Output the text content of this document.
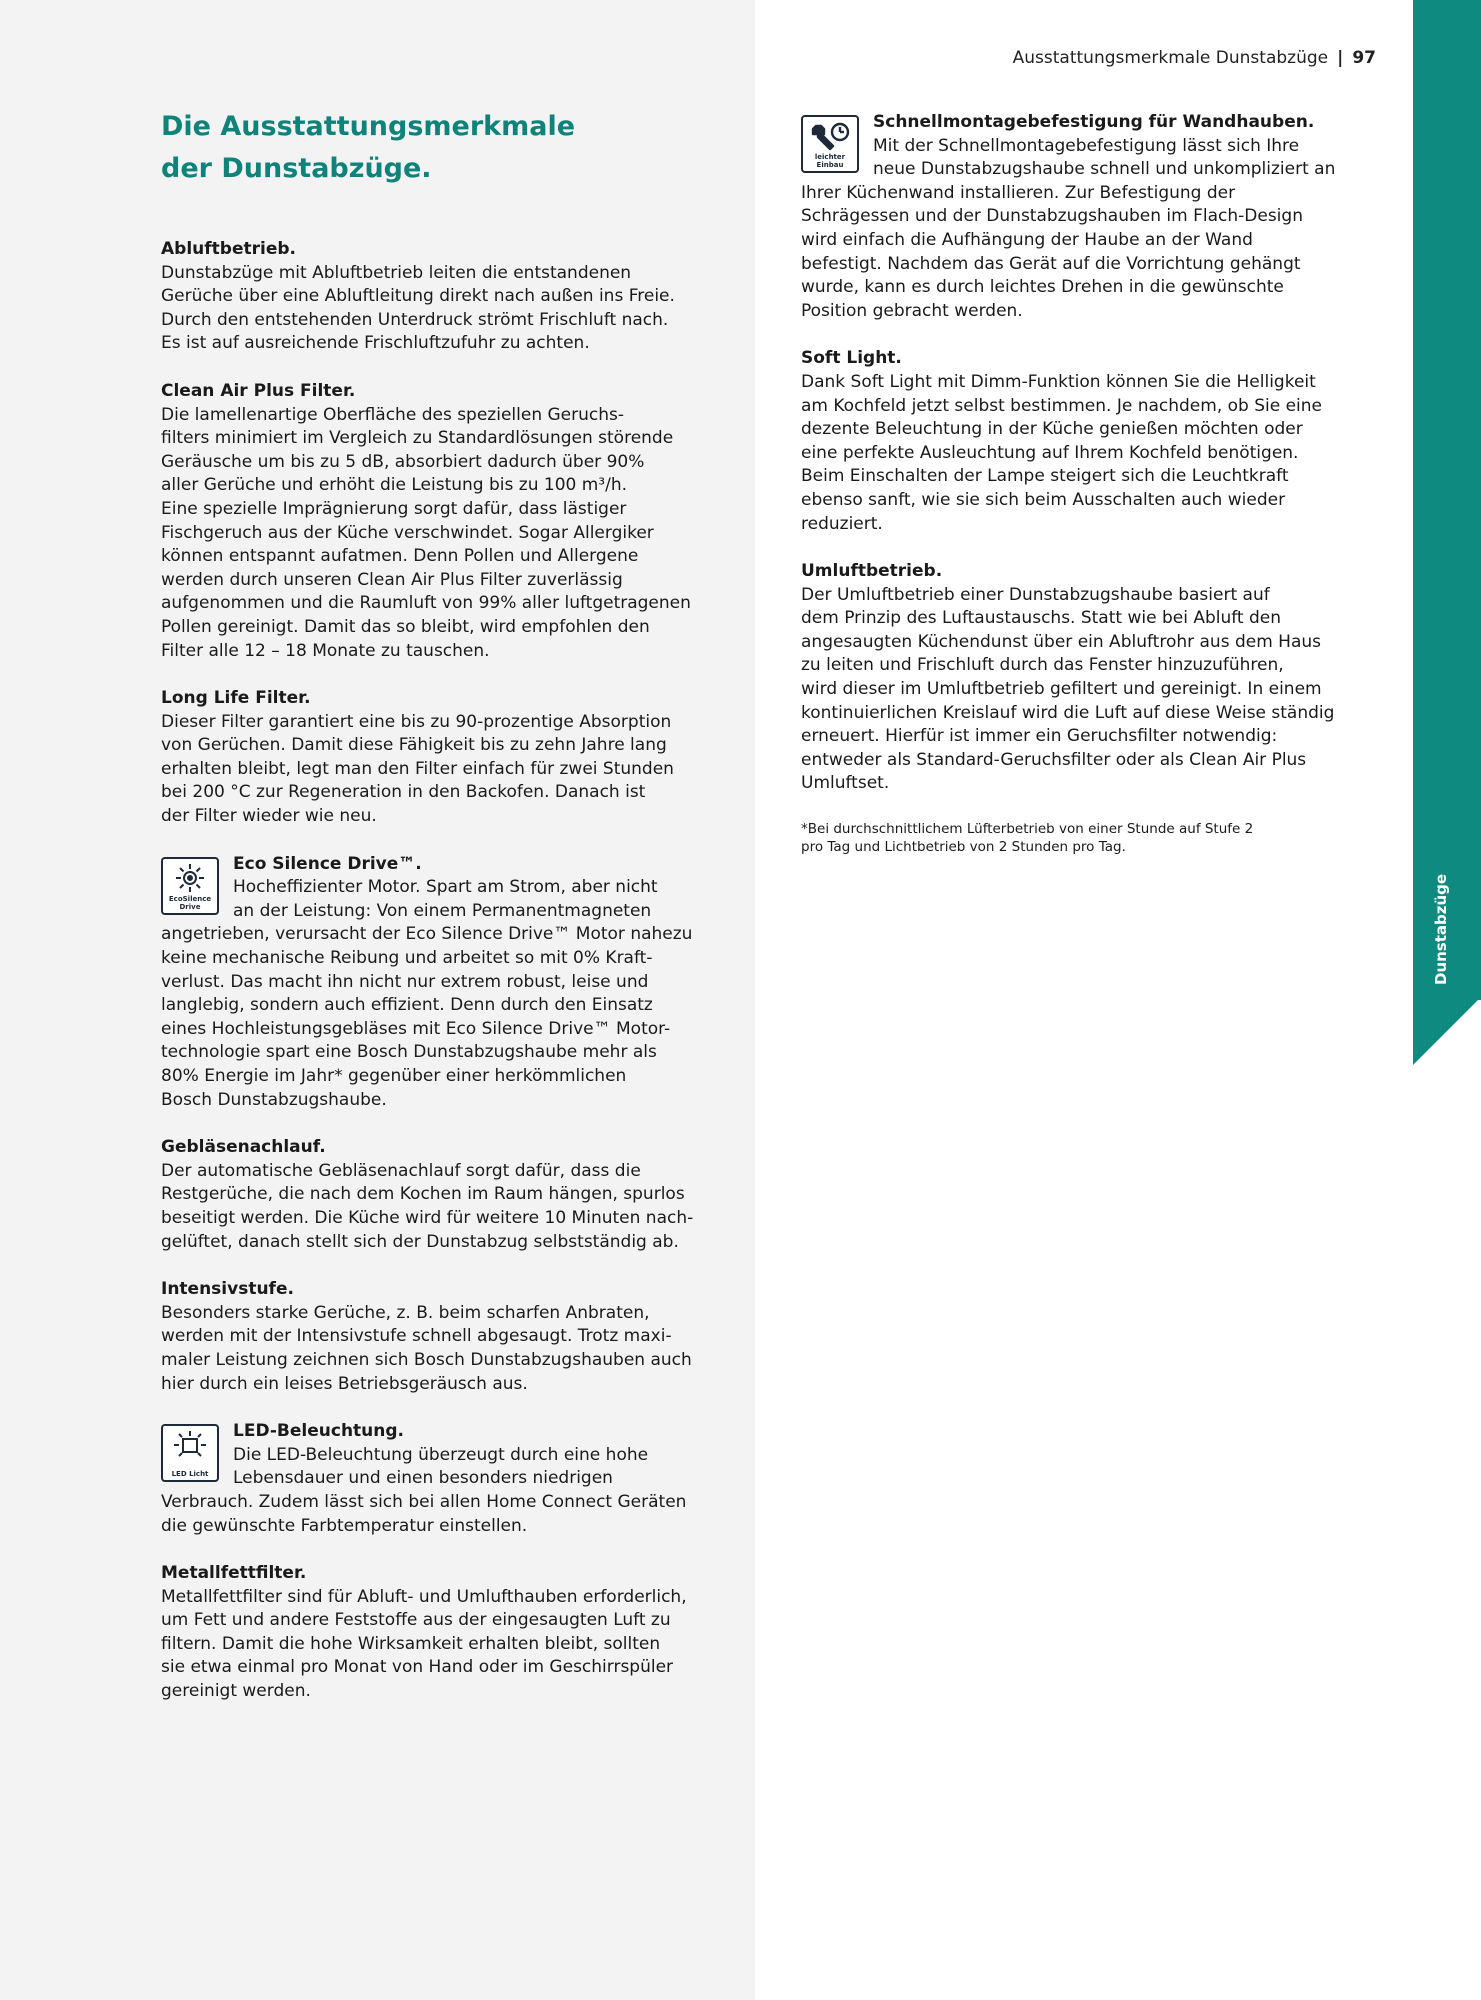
Ausstattungsmerkmale Dunstabzüge | 97
Die Ausstattungsmerkmale
der Dunstabzüge.
Abluftbetrieb.

Dunstabzüge mit Abluftbetrieb leiten die entstandenen
Gerüche über eine Abluftleitung direkt nach außen ins Freie.
Durch den entstehenden Unterdruck strömt Frischluft nach.
Es ist auf ausreichende Frischluftzufuhr zu achten.

Clean Air Plus Filter.

Die lamellenartige Oberfläche des speziellen Geruchs-
filters minimiert im Vergleich zu Standardlösungen störende
Geräusche um bis zu 5 dB, absorbiert dadurch über 90%
aller Gerüche und erhöht die Leistung bis zu 100 m³/h.
Eine spezielle Imprägnierung sorgt dafür, dass lästiger
Fischgeruch aus der Küche verschwindet. Sogar Allergiker
können entspannt aufatmen. Denn Pollen und Allergene
werden durch unseren Clean Air Plus Filter zuverlässig
aufgenommen und die Raumluft von 99% aller luftgetragenen
Pollen gereinigt. Damit das so bleibt, wird empfohlen den
Filter alle 12 – 18 Monate zu tauschen.

Long Life Filter.

Dieser Filter garantiert eine bis zu 90-prozentige Absorption
von Gerüchen. Damit diese Fähigkeit bis zu zehn Jahre lang
erhalten bleibt, legt man den Filter einfach für zwei Stunden
bei 200 °C zur Regeneration in den Backofen. Danach ist
der Filter wieder wie neu.

EcoSilence Drive
Eco Silence Drive™.

Hocheffizienter Motor. Spart am Strom, aber nicht
an der Leistung: Von einem Permanentmagneten
angetrieben, verursacht der Eco Silence Drive™ Motor nahezu
keine mechanische Reibung und arbeitet so mit 0% Kraft-
verlust. Das macht ihn nicht nur extrem robust, leise und
langlebig, sondern auch effizient. Denn durch den Einsatz
eines Hochleistungsgebläses mit Eco Silence Drive™ Motor-
technologie spart eine Bosch Dunstabzugshaube mehr als
80% Energie im Jahr* gegenüber einer herkömmlichen
Bosch Dunstabzugshaube.

Gebläsenachlauf.

Der automatische Gebläsenachlauf sorgt dafür, dass die
Restgerüche, die nach dem Kochen im Raum hängen, spurlos
beseitigt werden. Die Küche wird für weitere 10 Minuten nach-
gelüftet, danach stellt sich der Dunstabzug selbstständig ab.

Intensivstufe.

Besonders starke Gerüche, z. B. beim scharfen Anbraten,
werden mit der Intensivstufe schnell abgesaugt. Trotz maxi-
maler Leistung zeichnen sich Bosch Dunstabzugshauben auch
hier durch ein leises Betriebsgeräusch aus.

LED Licht
LED-Beleuchtung.

Die LED-Beleuchtung überzeugt durch eine hohe
Lebensdauer und einen besonders niedrigen
Verbrauch. Zudem lässt sich bei allen Home Connect Geräten
die gewünschte Farbtemperatur einstellen.

Metallfettfilter.

Metallfettfilter sind für Abluft- und Umlufthauben erforderlich,
um Fett und andere Feststoffe aus der eingesaugten Luft zu
filtern. Damit die hohe Wirksamkeit erhalten bleibt, sollten
sie etwa einmal pro Monat von Hand oder im Geschirrspüler
gereinigt werden.

leichter Einbau
Schnellmontagebefestigung für Wandhauben.

Mit der Schnellmontagebefestigung lässt sich Ihre
neue Dunstabzugshaube schnell und unkompliziert an
Ihrer Küchenwand installieren. Zur Befestigung der
Schrägessen und der Dunstabzugshauben im Flach-Design
wird einfach die Aufhängung der Haube an der Wand
befestigt. Nachdem das Gerät auf die Vorrichtung gehängt
wurde, kann es durch leichtes Drehen in die gewünschte
Position gebracht werden.

Soft Light.

Dank Soft Light mit Dimm-Funktion können Sie die Helligkeit
am Kochfeld jetzt selbst bestimmen. Je nachdem, ob Sie eine
dezente Beleuchtung in der Küche genießen möchten oder
eine perfekte Ausleuchtung auf Ihrem Kochfeld benötigen.
Beim Einschalten der Lampe steigert sich die Leuchtkraft
ebenso sanft, wie sie sich beim Ausschalten auch wieder
reduziert.

Umluftbetrieb.

Der Umluftbetrieb einer Dunstabzugshaube basiert auf
dem Prinzip des Luftaustauschs. Statt wie bei Abluft den
angesaugten Küchendunst über ein Abluftrohr aus dem Haus
zu leiten und Frischluft durch das Fenster hinzuzuführen,
wird dieser im Umluftbetrieb gefiltert und gereinigt. In einem
kontinuierlichen Kreislauf wird die Luft auf diese Weise ständig
erneuert. Hierfür ist immer ein Geruchsfilter notwendig:
entweder als Standard-Geruchsfilter oder als Clean Air Plus
Umluftset.

*Bei durchschnittlichem Lüfterbetrieb von einer Stunde auf Stufe 2
pro Tag und Lichtbetrieb von 2 Stunden pro Tag.
